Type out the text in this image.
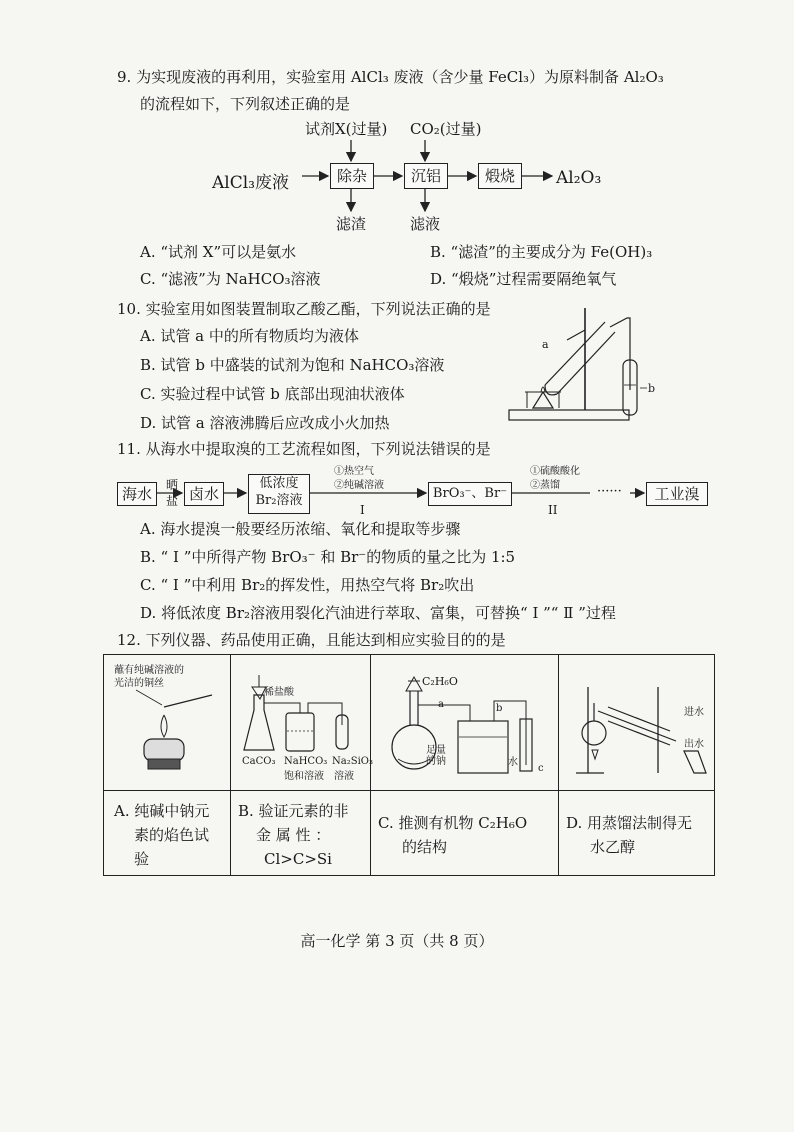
9. 为实现废液的再利用，实验室用 AlCl₃ 废液（含少量 FeCl₃）为原料制备 Al₂O₃
的流程如下，下列叙述正确的是
试剂X(过量) CO₂(过量)
AlCl₃废液	除杂	沉铝	煅烧	Al₂O₃
滤渣	滤液
A. “试剂 X”可以是氨水	B. “滤渣”的主要成分为 Fe(OH)₃
C. “滤液”为 NaHCO₃溶液	D. “煅烧”过程需要隔绝氧气
10. 实验室用如图装置制取乙酸乙酯，下列说法正确的是
A. 试管 a 中的所有物质均为液体
B. 试管 b 中盛装的试剂为饱和 NaHCO₃溶液
C. 实验过程中试管 b 底部出现油状液体
D. 试管 a 溶液沸腾后应改成小火加热
a
b
11. 从海水中提取溴的工艺流程如图，下列说法错误的是
海水	晒
盐 卤水
低浓度
Br₂溶液
①热空气
②纯碱溶液
I
BrO₃⁻、Br⁻
①硫酸酸化
②蒸馏
II
······	工业溴
A. 海水提溴一般要经历浓缩、氧化和提取等步骤
B. “ Ⅰ ”中所得产物 BrO₃⁻ 和 Br⁻的物质的量之比为 1:5
C. “ Ⅰ ”中利用 Br₂的挥发性，用热空气将 Br₂吹出
D. 将低浓度 Br₂溶液用裂化汽油进行萃取、富集，可替换“ Ⅰ ”“ Ⅱ ”过程
12. 下列仪器、药品使用正确，且能达到相应实验目的的是
蘸有纯碱溶液的
光洁的铜丝
稀盐酸
CaCO₃ NaHCO₃
饱和溶液
Na₂SiO₃
溶液
C₂H₆O
a	b
足量
的钠	水
c
进水
出水
A. 纯碱中钠元
素的焰色试
验
B. 验证元素的非
金 属 性 ：
Cl>C>Si
C. 推测有机物 C₂H₆O
的结构
D. 用蒸馏法制得无
水乙醇
高一化学 第 3 页（共 8 页）
